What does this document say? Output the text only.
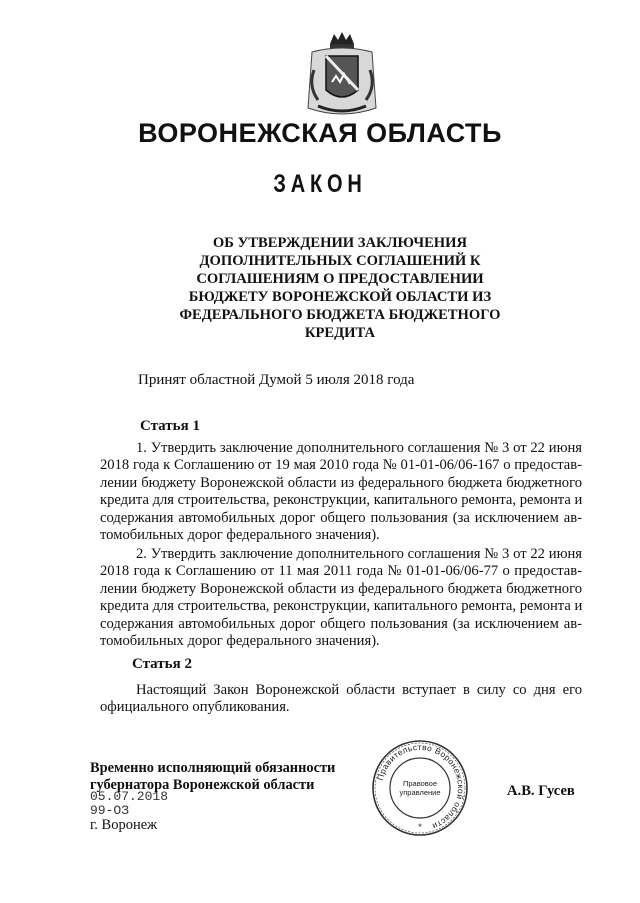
ВОРОНЕЖСКАЯ ОБЛАСТЬ
ЗАКОН
ОБ УТВЕРЖДЕНИИ ЗАКЛЮЧЕНИЯ
ДОПОЛНИТЕЛЬНЫХ СОГЛАШЕНИЙ К
СОГЛАШЕНИЯМ О ПРЕДОСТАВЛЕНИИ
БЮДЖЕТУ ВОРОНЕЖСКОЙ ОБЛАСТИ ИЗ
ФЕДЕРАЛЬНОГО БЮДЖЕТА БЮДЖЕТНОГО
КРЕДИТА
Принят областной Думой 5 июля 2018 года
Статья 1
1. Утвердить заключение дополнительного соглашения № 3 от 22 июня
2018 года к Соглашению от 19 мая 2010 года № 01-01-06/06-167 о предостав-
лении бюджету Воронежской области из федерального бюджета бюджетного
кредита для строительства, реконструкции, капитального ремонта, ремонта и
содержания автомобильных дорог общего пользования (за исключением ав-
томобильных дорог федерального значения).
2. Утвердить заключение дополнительного соглашения № 3 от 22 июня
2018 года к Соглашению от 11 мая 2011 года № 01-01-06/06-77 о предостав-
лении бюджету Воронежской области из федерального бюджета бюджетного
кредита для строительства, реконструкции, капитального ремонта, ремонта и
содержания автомобильных дорог общего пользования (за исключением ав-
томобильных дорог федерального значения).
Статья 2
Настоящий Закон Воронежской области вступает в силу со дня его
официального опубликования.
Временно исполняющий обязанности
губернатора Воронежской области
05.07.2018
99-ОЗ
г. Воронеж
Правительство Воронежской области
Правовое
управление
*
А.В. Гусев
